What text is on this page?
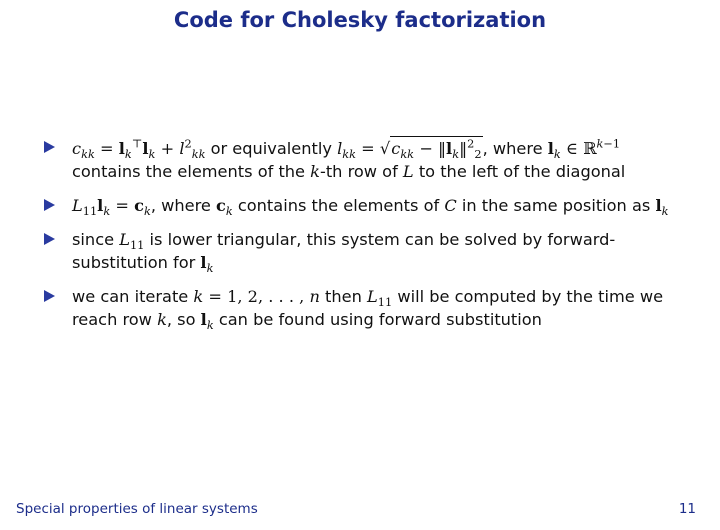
Code for Cholesky factorization
$c_{kk} = l_k^⊤l_k + l^2_{kk}$ or equivalently $l_{kk} = √c_{kk}$ − $‖l_k‖^2_2$, where $l_k$ ∈ ℝ$^{k-1}$ contains the elements of the k-th row of L to the left of the diagonal
$L_{11}l_k = c_k$, where $c_k$ contains the elements of C in the same position as $l_k$
since $L_{11}$ is lower triangular, this system can be solved by forward-substitution for $l_k$
we can iterate k = 1, 2, . . . , n then $L_{11}$ will be computed by the time we reach row k, so $l_k$ can be found using forward substitution
Special properties of linear systems	11
